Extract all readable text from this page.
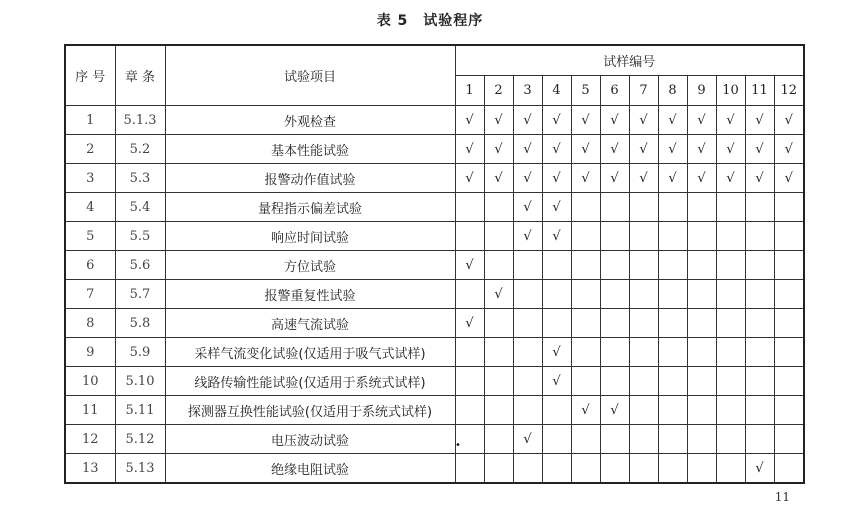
表 5　试验程序
序 号	章 条	试验项目	试样编号											
			1	2	3	4	5	6	7	8	9	10	11	12
1	5.1.3	外观检查	√	√	√	√	√	√	√	√	√	√	√	√
2	5.2	基本性能试验	√	√	√	√	√	√	√	√	√	√	√	√
3	5.3	报警动作值试验	√	√	√	√	√	√	√	√	√	√	√	√
4	5.4	量程指示偏差试验			√	√								
5	5.5	响应时间试验			√	√								
6	5.6	方位试验	√											
7	5.7	报警重复性试验		√										
8	5.8	高速气流试验	√											
9	5.9	采样气流变化试验(仅适用于吸气式试样)				√								
10	5.10	线路传输性能试验(仅适用于系统式试样)				√								
11	5.11	探测器互换性能试验(仅适用于系统式试样)					√	√						
12	5.12	电压波动试验			√									
13	5.13	绝缘电阻试验											√	
•
11
